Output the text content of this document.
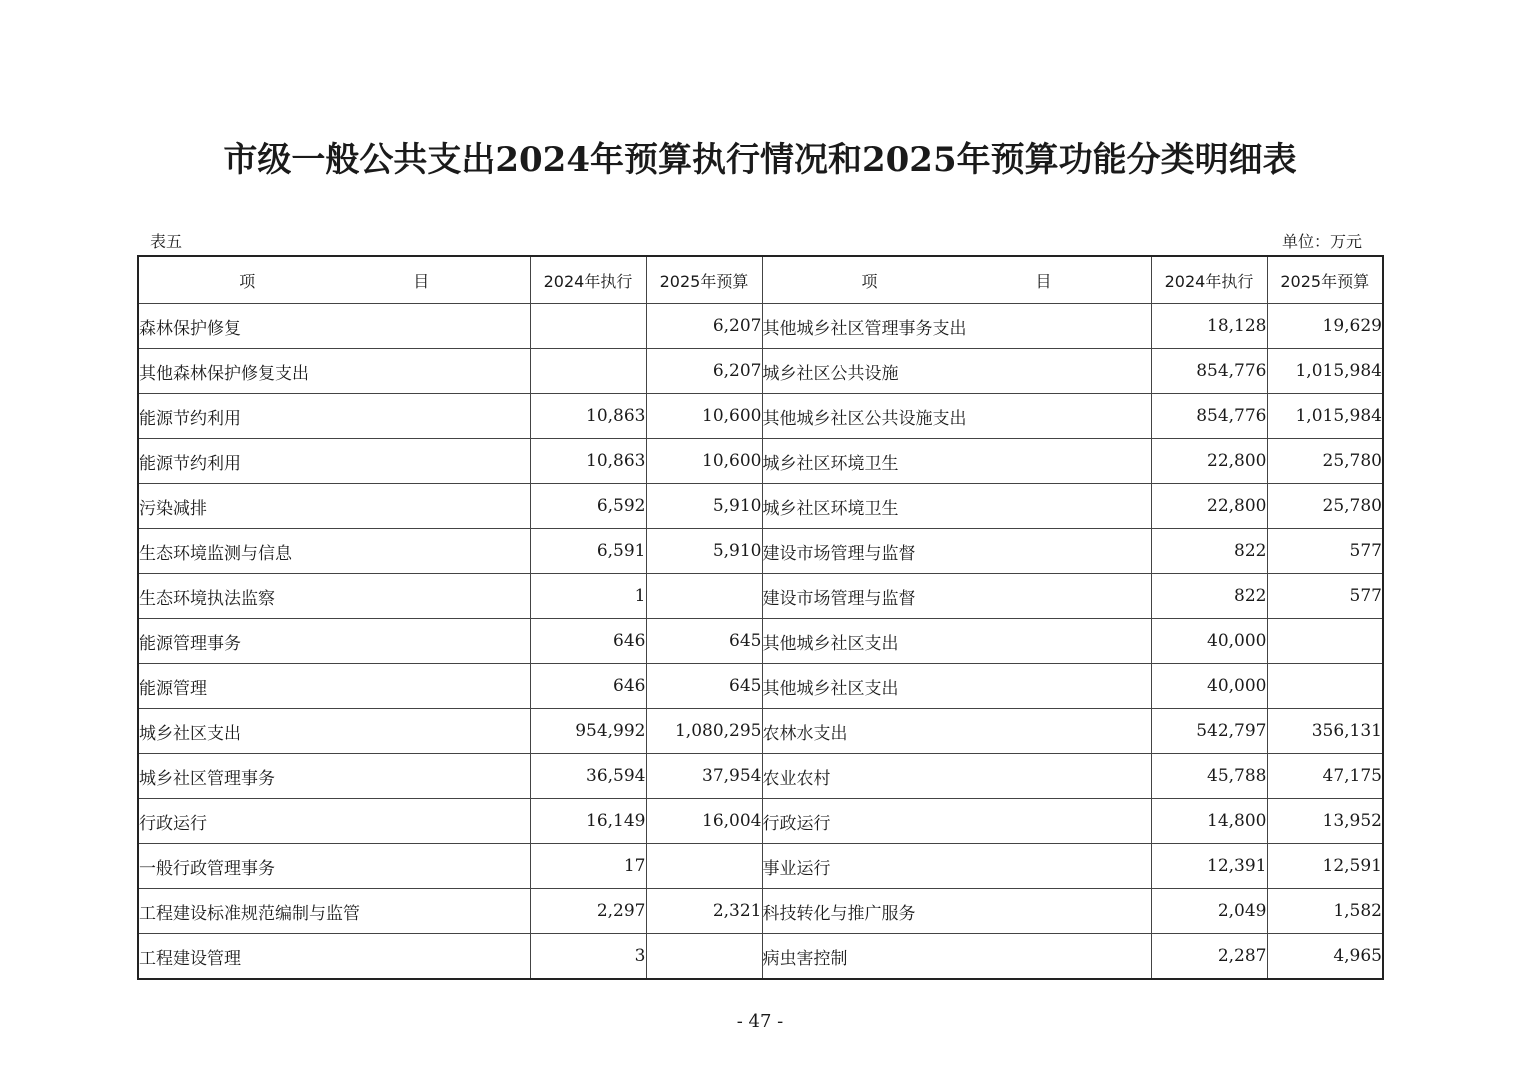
市级一般公共支出2024年预算执行情况和2025年预算功能分类明细表
表五	单位：万元
项　　目	2024年执行	2025年预算	项　　目	2024年执行	2025年预算
森林保护修复		6,207	其他城乡社区管理事务支出	18,128	19,629
其他森林保护修复支出		6,207	城乡社区公共设施	854,776	1,015,984
能源节约利用	10,863	10,600	其他城乡社区公共设施支出	854,776	1,015,984
能源节约利用	10,863	10,600	城乡社区环境卫生	22,800	25,780
污染减排	6,592	5,910	城乡社区环境卫生	22,800	25,780
生态环境监测与信息	6,591	5,910	建设市场管理与监督	822	577
生态环境执法监察	1		建设市场管理与监督	822	577
能源管理事务	646	645	其他城乡社区支出	40,000	
能源管理	646	645	其他城乡社区支出	40,000	
城乡社区支出	954,992	1,080,295	农林水支出	542,797	356,131
城乡社区管理事务	36,594	37,954	农业农村	45,788	47,175
行政运行	16,149	16,004	行政运行	14,800	13,952
一般行政管理事务	17		事业运行	12,391	12,591
工程建设标准规范编制与监管	2,297	2,321	科技转化与推广服务	2,049	1,582
工程建设管理	3		病虫害控制	2,287	4,965
- 47 -
